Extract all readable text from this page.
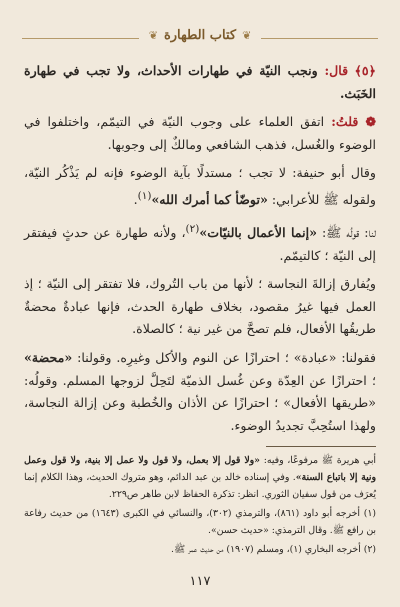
❦ كتاب الطهارة ❦

﴿٥﴾ قال: ونجب النيّة في طهارات الأحداث، ولا تجب في طهارة الخَبَث.

❁ قلتُ: اتفق العلماء على وجوب النيّة في التيمّم، واختلفوا في الوضوء والغُسل، فذهب الشافعي ومالكٌ إلى وجوبها.

وقال أبو حنيفة: لا تجب ؛ مستدلًا بآية الوضوء فإنه لم يَذْكُر النيّة، ولقوله ﷺ للأعرابي: «توضّأ كما أمرك الله»$^{(١)}$.

لنا: قولُه ﷺ: «إنما الأعمال بالنيّات»$^{(٢)}$، ولأنه طهارة عن حدثٍ فيفتقر إلى النيّة ؛ كالتيمّم.

ويُفارق إزالةَ النجاسة ؛ لأنها من باب التُروك، فلا تفتقر إلى النيّة ؛ إذ العمل فيها غيرُ مقصود، بخلاف طهارة الحدث، فإنها عبادةٌ محضةٌ طريقُها الأفعال، فلم تصحَّ من غير نية ؛ كالصلاة.

فقولنا: «عبادة» ؛ احترازًا عن النوم والأكل وغيرِه. وقولنا: «محضة» ؛ احترازًا عن العِدّة وعن غُسل الذميّة لتَحِلَّ لزوجها المسلم. وقولُه: «طريقها الأفعال» ؛ احترازًا عن الأذان والخُطبة وعن إزالة النجاسة، ولهذا استُحِبَّ تجديدُ الوضوء.

أبي هريرة ﷺ مرفوعًا، وفيه: «ولا قول إلا بعمل، ولا قول ولا عمل إلا بنية، ولا قول وعمل ونية إلا باتباع السنة». وفي إسناده خالد بن عبد الدائم، وهو متروك الحديث، وهذا الكلام إنما يُعرَف من قول سفيان الثوري. انظر: تذكرة الحفاظ لابن طاهر ص٢٢٩.

(١) أخرجه أبو داود (٨٦١)، والترمذي (٣٠٢)، والنسائي في الكبرى (١٦٤٣) من حديث رفاعة بن رافع ﷺ. وقال الترمذي: «حديث حسن».

(٢) أخرجه البخاري (١)، ومسلم (١٩٠٧) من حديث عمر ﷺ.

١١٧
